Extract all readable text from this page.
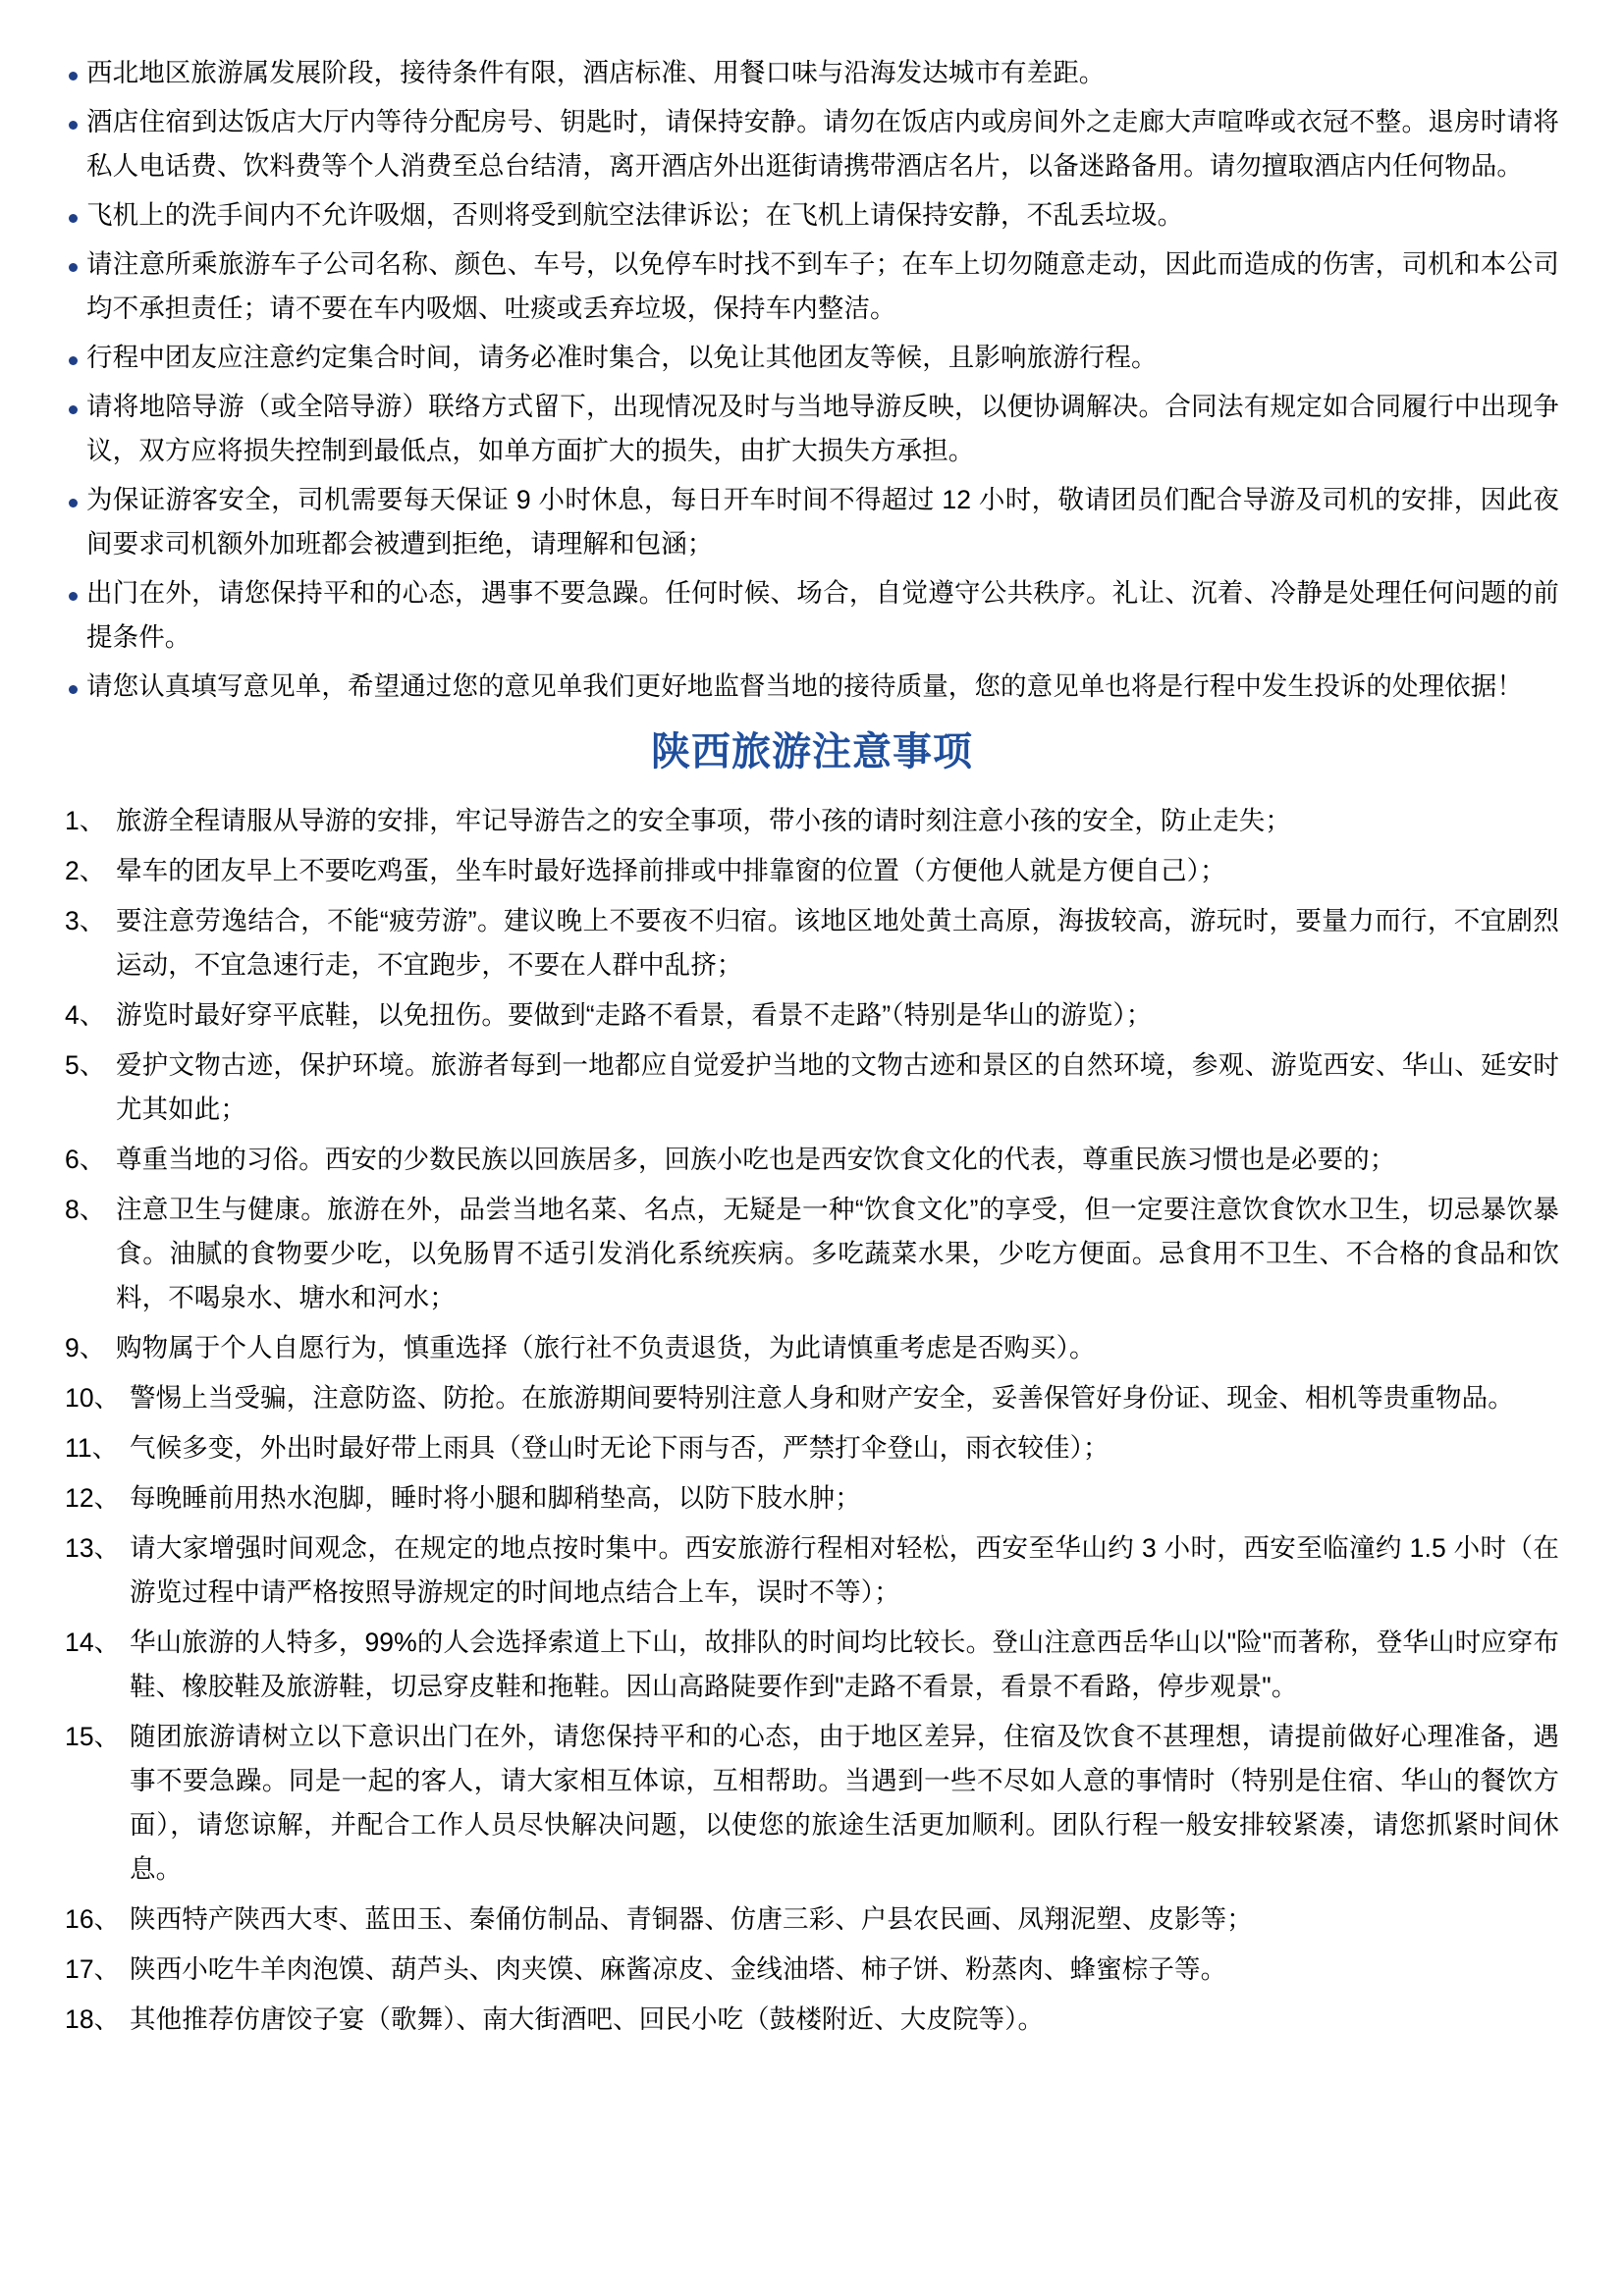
西北地区旅游属发展阶段，接待条件有限，酒店标准、用餐口味与沿海发达城市有差距。
酒店住宿到达饭店大厅内等待分配房号、钥匙时，请保持安静。请勿在饭店内或房间外之走廊大声喧哗或衣冠不整。退房时请将私人电话费、饮料费等个人消费至总台结清，离开酒店外出逛街请携带酒店名片，以备迷路备用。请勿擅取酒店内任何物品。
飞机上的洗手间内不允许吸烟，否则将受到航空法律诉讼；在飞机上请保持安静，不乱丢垃圾。
请注意所乘旅游车子公司名称、颜色、车号，以免停车时找不到车子；在车上切勿随意走动，因此而造成的伤害，司机和本公司均不承担责任；请不要在车内吸烟、吐痰或丢弃垃圾，保持车内整洁。
行程中团友应注意约定集合时间，请务必准时集合，以免让其他团友等候，且影响旅游行程。
请将地陪导游（或全陪导游）联络方式留下，出现情况及时与当地导游反映，以便协调解决。合同法有规定如合同履行中出现争议，双方应将损失控制到最低点，如单方面扩大的损失，由扩大损失方承担。
为保证游客安全，司机需要每天保证 9 小时休息，每日开车时间不得超过 12 小时，敬请团员们配合导游及司机的安排，因此夜间要求司机额外加班都会被遭到拒绝，请理解和包涵；
出门在外，请您保持平和的心态，遇事不要急躁。任何时候、场合，自觉遵守公共秩序。礼让、沉着、冷静是处理任何问题的前提条件。
请您认真填写意见单，希望通过您的意见单我们更好地监督当地的接待质量，您的意见单也将是行程中发生投诉的处理依据！
陕西旅游注意事项
1、 旅游全程请服从导游的安排，牢记导游告之的安全事项，带小孩的请时刻注意小孩的安全，防止走失；
2、 晕车的团友早上不要吃鸡蛋，坐车时最好选择前排或中排靠窗的位置（方便他人就是方便自己）；
3、 要注意劳逸结合，不能“疲劳游”。建议晚上不要夜不归宿。该地区地处黄土高原，海拔较高，游玩时，要量力而行，不宜剧烈运动，不宜急速行走，不宜跑步，不要在人群中乱挤；
4、 游览时最好穿平底鞋，以免扭伤。要做到“走路不看景，看景不走路”（特别是华山的游览）；
5、 爱护文物古迹，保护环境。旅游者每到一地都应自觉爱护当地的文物古迹和景区的自然环境，参观、游览西安、华山、延安时尤其如此；
6、 尊重当地的习俗。西安的少数民族以回族居多，回族小吃也是西安饮食文化的代表，尊重民族习惯也是必要的；
8、 注意卫生与健康。旅游在外，品尝当地名菜、名点，无疑是一种“饮食文化”的享受，但一定要注意饮食饮水卫生，切忌暴饮暴食。油腻的食物要少吃，以免肠胃不适引发消化系统疾病。多吃蔬菜水果，少吃方便面。忌食用不卫生、不合格的食品和饮料，不喝泉水、塘水和河水；
9、 购物属于个人自愿行为，慎重选择（旅行社不负责退货，为此请慎重考虑是否购买）。
10、 警惕上当受骗，注意防盗、防抢。在旅游期间要特别注意人身和财产安全，妥善保管好身份证、现金、相机等贵重物品。
11、 气候多变，外出时最好带上雨具（登山时无论下雨与否，严禁打伞登山，雨衣较佳）；
12、 每晚睡前用热水泡脚，睡时将小腿和脚稍垫高，以防下肢水肿；
13、 请大家增强时间观念，在规定的地点按时集中。西安旅游行程相对轻松，西安至华山约 3 小时，西安至临潼约 1.5 小时（在游览过程中请严格按照导游规定的时间地点结合上车，误时不等）；
14、 华山旅游的人特多，99%的人会选择索道上下山，故排队的时间均比较长。登山注意西岳华山以"险"而著称，登华山时应穿布鞋、橡胶鞋及旅游鞋，切忌穿皮鞋和拖鞋。因山高路陡要作到"走路不看景，看景不看路，停步观景"。
15、 随团旅游请树立以下意识出门在外，请您保持平和的心态，由于地区差异，住宿及饮食不甚理想，请提前做好心理准备，遇事不要急躁。同是一起的客人，请大家相互体谅，互相帮助。当遇到一些不尽如人意的事情时（特别是住宿、华山的餐饮方面），请您谅解，并配合工作人员尽快解决问题，以使您的旅途生活更加顺利。团队行程一般安排较紧凑，请您抓紧时间休息。
16、 陕西特产陕西大枣、蓝田玉、秦俑仿制品、青铜器、仿唐三彩、户县农民画、凤翔泥塑、皮影等；
17、 陕西小吃牛羊肉泡馍、葫芦头、肉夹馍、麻酱凉皮、金线油塔、柿子饼、粉蒸肉、蜂蜜棕子等。
18、 其他推荐仿唐饺子宴（歌舞）、南大街酒吧、回民小吃（鼓楼附近、大皮院等）。
